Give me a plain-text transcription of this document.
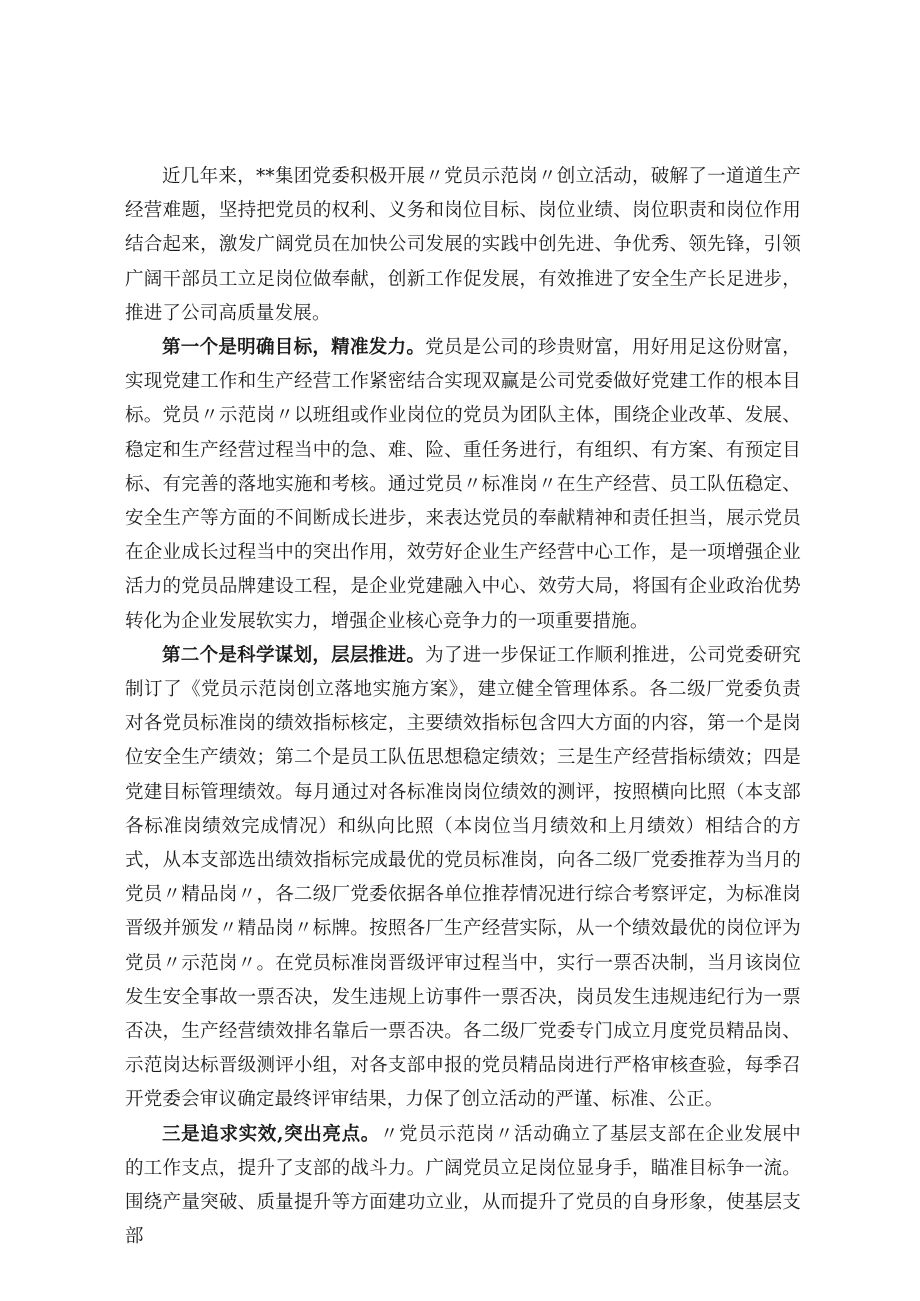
近几年来，**集团党委积极开展〃党员示范岗〃创立活动，破解了一道道生产经营难题，坚持把党员的权利、义务和岗位目标、岗位业绩、岗位职责和岗位作用结合起来，激发广阔党员在加快公司发展的实践中创先进、争优秀、领先锋，引领广阔干部员工立足岗位做奉献，创新工作促发展，有效推进了安全生产长足进步，推进了公司高质量发展。

第一个是明确目标，精准发力。党员是公司的珍贵财富，用好用足这份财富，实现党建工作和生产经营工作紧密结合实现双赢是公司党委做好党建工作的根本目标。党员〃示范岗〃以班组或作业岗位的党员为团队主体，围绕企业改革、发展、稳定和生产经营过程当中的急、难、险、重任务进行，有组织、有方案、有预定目标、有完善的落地实施和考核。通过党员〃标准岗〃在生产经营、员工队伍稳定、安全生产等方面的不间断成长进步，来表达党员的奉献精神和责任担当，展示党员在企业成长过程当中的突出作用，效劳好企业生产经营中心工作，是一项增强企业活力的党员品牌建设工程，是企业党建融入中心、效劳大局，将国有企业政治优势转化为企业发展软实力，增强企业核心竞争力的一项重要措施。

第二个是科学谋划，层层推进。为了进一步保证工作顺利推进，公司党委研究制订了《党员示范岗创立落地实施方案》，建立健全管理体系。各二级厂党委负责对各党员标准岗的绩效指标核定，主要绩效指标包含四大方面的内容，第一个是岗位安全生产绩效；第二个是员工队伍思想稳定绩效；三是生产经营指标绩效；四是党建目标管理绩效。每月通过对各标准岗岗位绩效的测评，按照横向比照（本支部各标准岗绩效完成情况）和纵向比照（本岗位当月绩效和上月绩效）相结合的方式，从本支部选出绩效指标完成最优的党员标准岗，向各二级厂党委推荐为当月的党员〃精品岗〃，各二级厂党委依据各单位推荐情况进行综合考察评定，为标准岗晋级并颁发〃精品岗〃标牌。按照各厂生产经营实际，从一个绩效最优的岗位评为党员〃示范岗〃。在党员标准岗晋级评审过程当中，实行一票否决制，当月该岗位发生安全事故一票否决，发生违规上访事件一票否决，岗员发生违规违纪行为一票否决，生产经营绩效排名靠后一票否决。各二级厂党委专门成立月度党员精品岗、示范岗达标晋级测评小组，对各支部申报的党员精品岗进行严格审核查验，每季召开党委会审议确定最终评审结果，力保了创立活动的严谨、标准、公正。

三是追求实效,突出亮点。〃党员示范岗〃活动确立了基层支部在企业发展中的工作支点，提升了支部的战斗力。广阔党员立足岗位显身手，瞄准目标争一流。围绕产量突破、质量提升等方面建功立业，从而提升了党员的自身形象，使基层支部
